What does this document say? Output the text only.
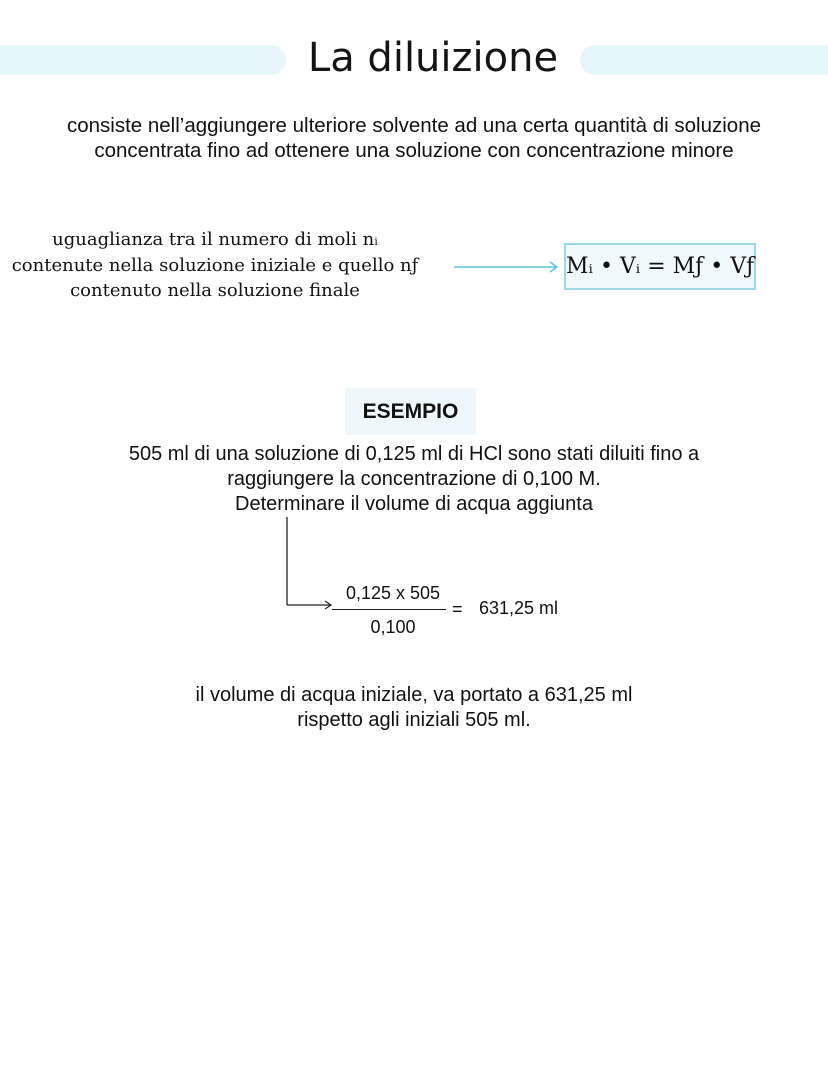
La diluizione
consiste nell’aggiungere ulteriore solvente ad una certa quantità di soluzione
concentrata fino ad ottenere una soluzione con concentrazione minore
uguaglianza tra il numero di moli nᵢ
contenute nella soluzione iniziale e quello nƒ
contenuto nella soluzione finale
Mᵢ • Vᵢ = Mƒ • Vƒ
ESEMPIO
505 ml di una soluzione di 0,125 ml di HCl sono stati diluiti fino a
raggiungere la concentrazione di 0,100 M.
Determinare il volume di acqua aggiunta
0,125 x 505
0,100
= 631,25 ml
il volume di acqua iniziale, va portato a 631,25 ml
rispetto agli iniziali 505 ml.
